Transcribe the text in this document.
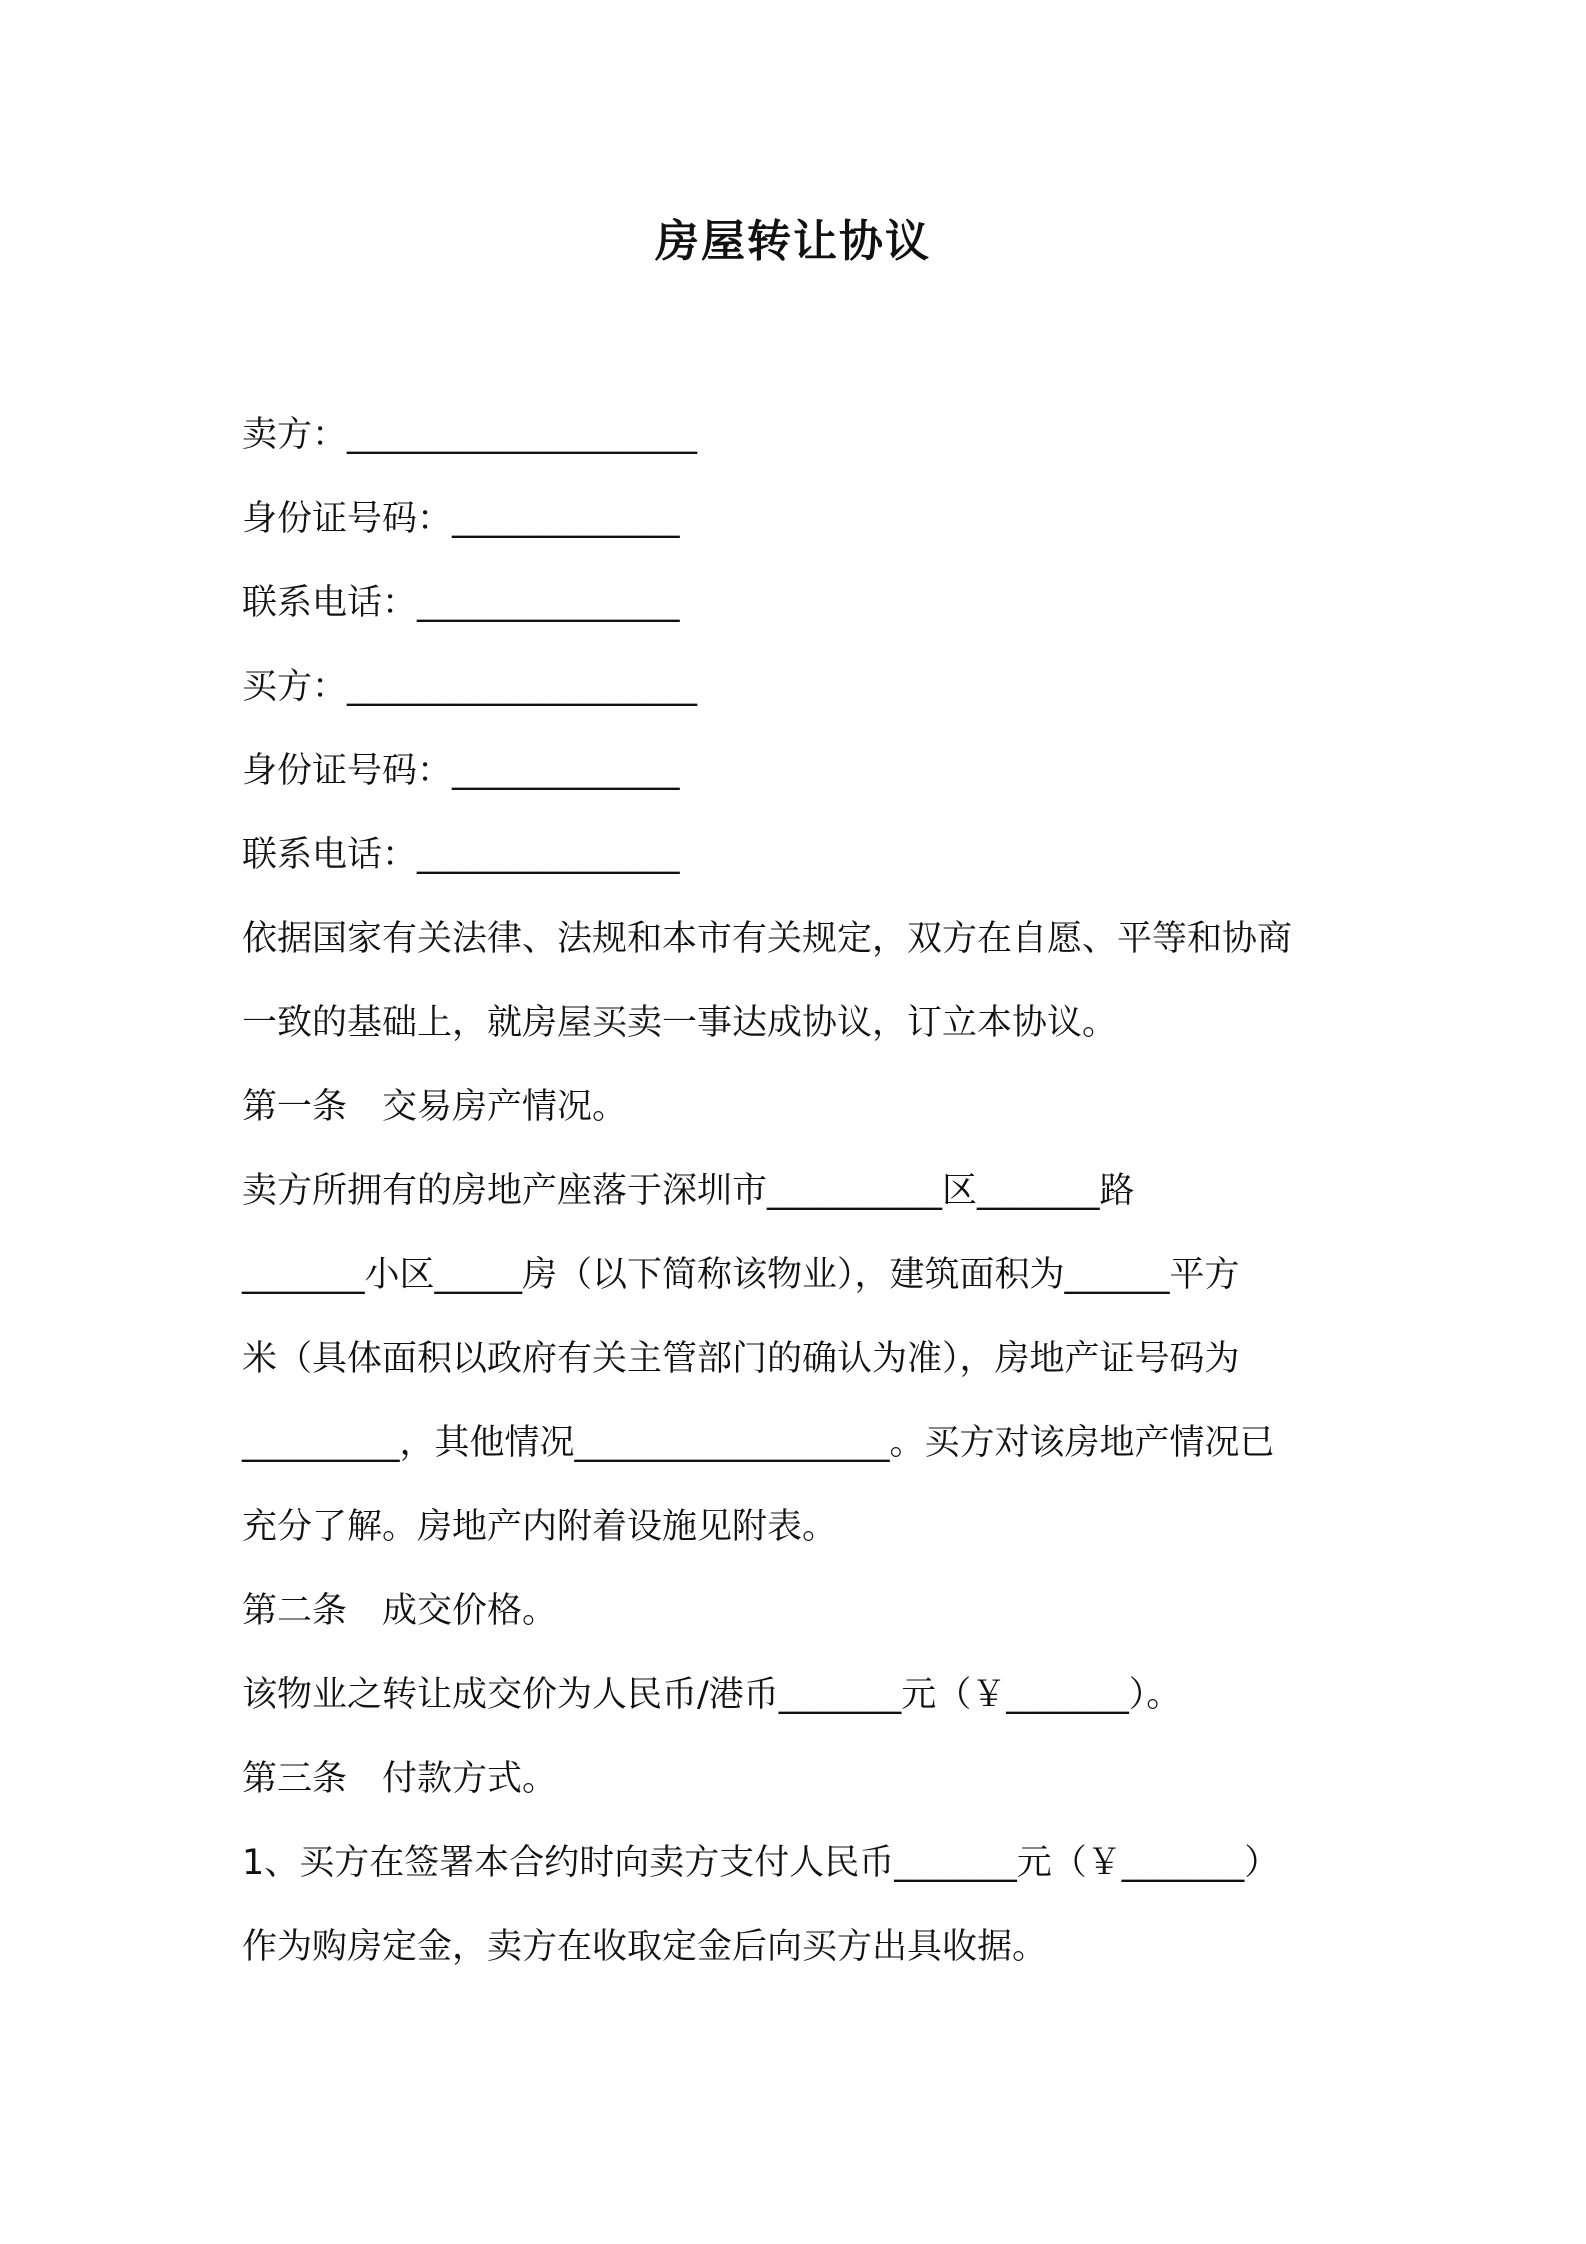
房屋转让协议
卖方：____________________
身份证号码：_____________
联系电话：_______________
买方：____________________
身份证号码：_____________
联系电话：_______________
依据国家有关法律、法规和本市有关规定，双方在自愿、平等和协商
一致的基础上，就房屋买卖一事达成协议，订立本协议。
第一条　交易房产情况。
卖方所拥有的房地产座落于深圳市__________区_______路
_______小区_____房（以下简称该物业），建筑面积为______平方
米（具体面积以政府有关主管部门的确认为准），房地产证号码为
_________，其他情况__________________。买方对该房地产情况已
充分了解。房地产内附着设施见附表。
第二条　成交价格。
该物业之转让成交价为人民币/港币_______元（￥_______）。
第三条　付款方式。
1、买方在签署本合约时向卖方支付人民币_______元（￥_______）
作为购房定金，卖方在收取定金后向买方出具收据。
